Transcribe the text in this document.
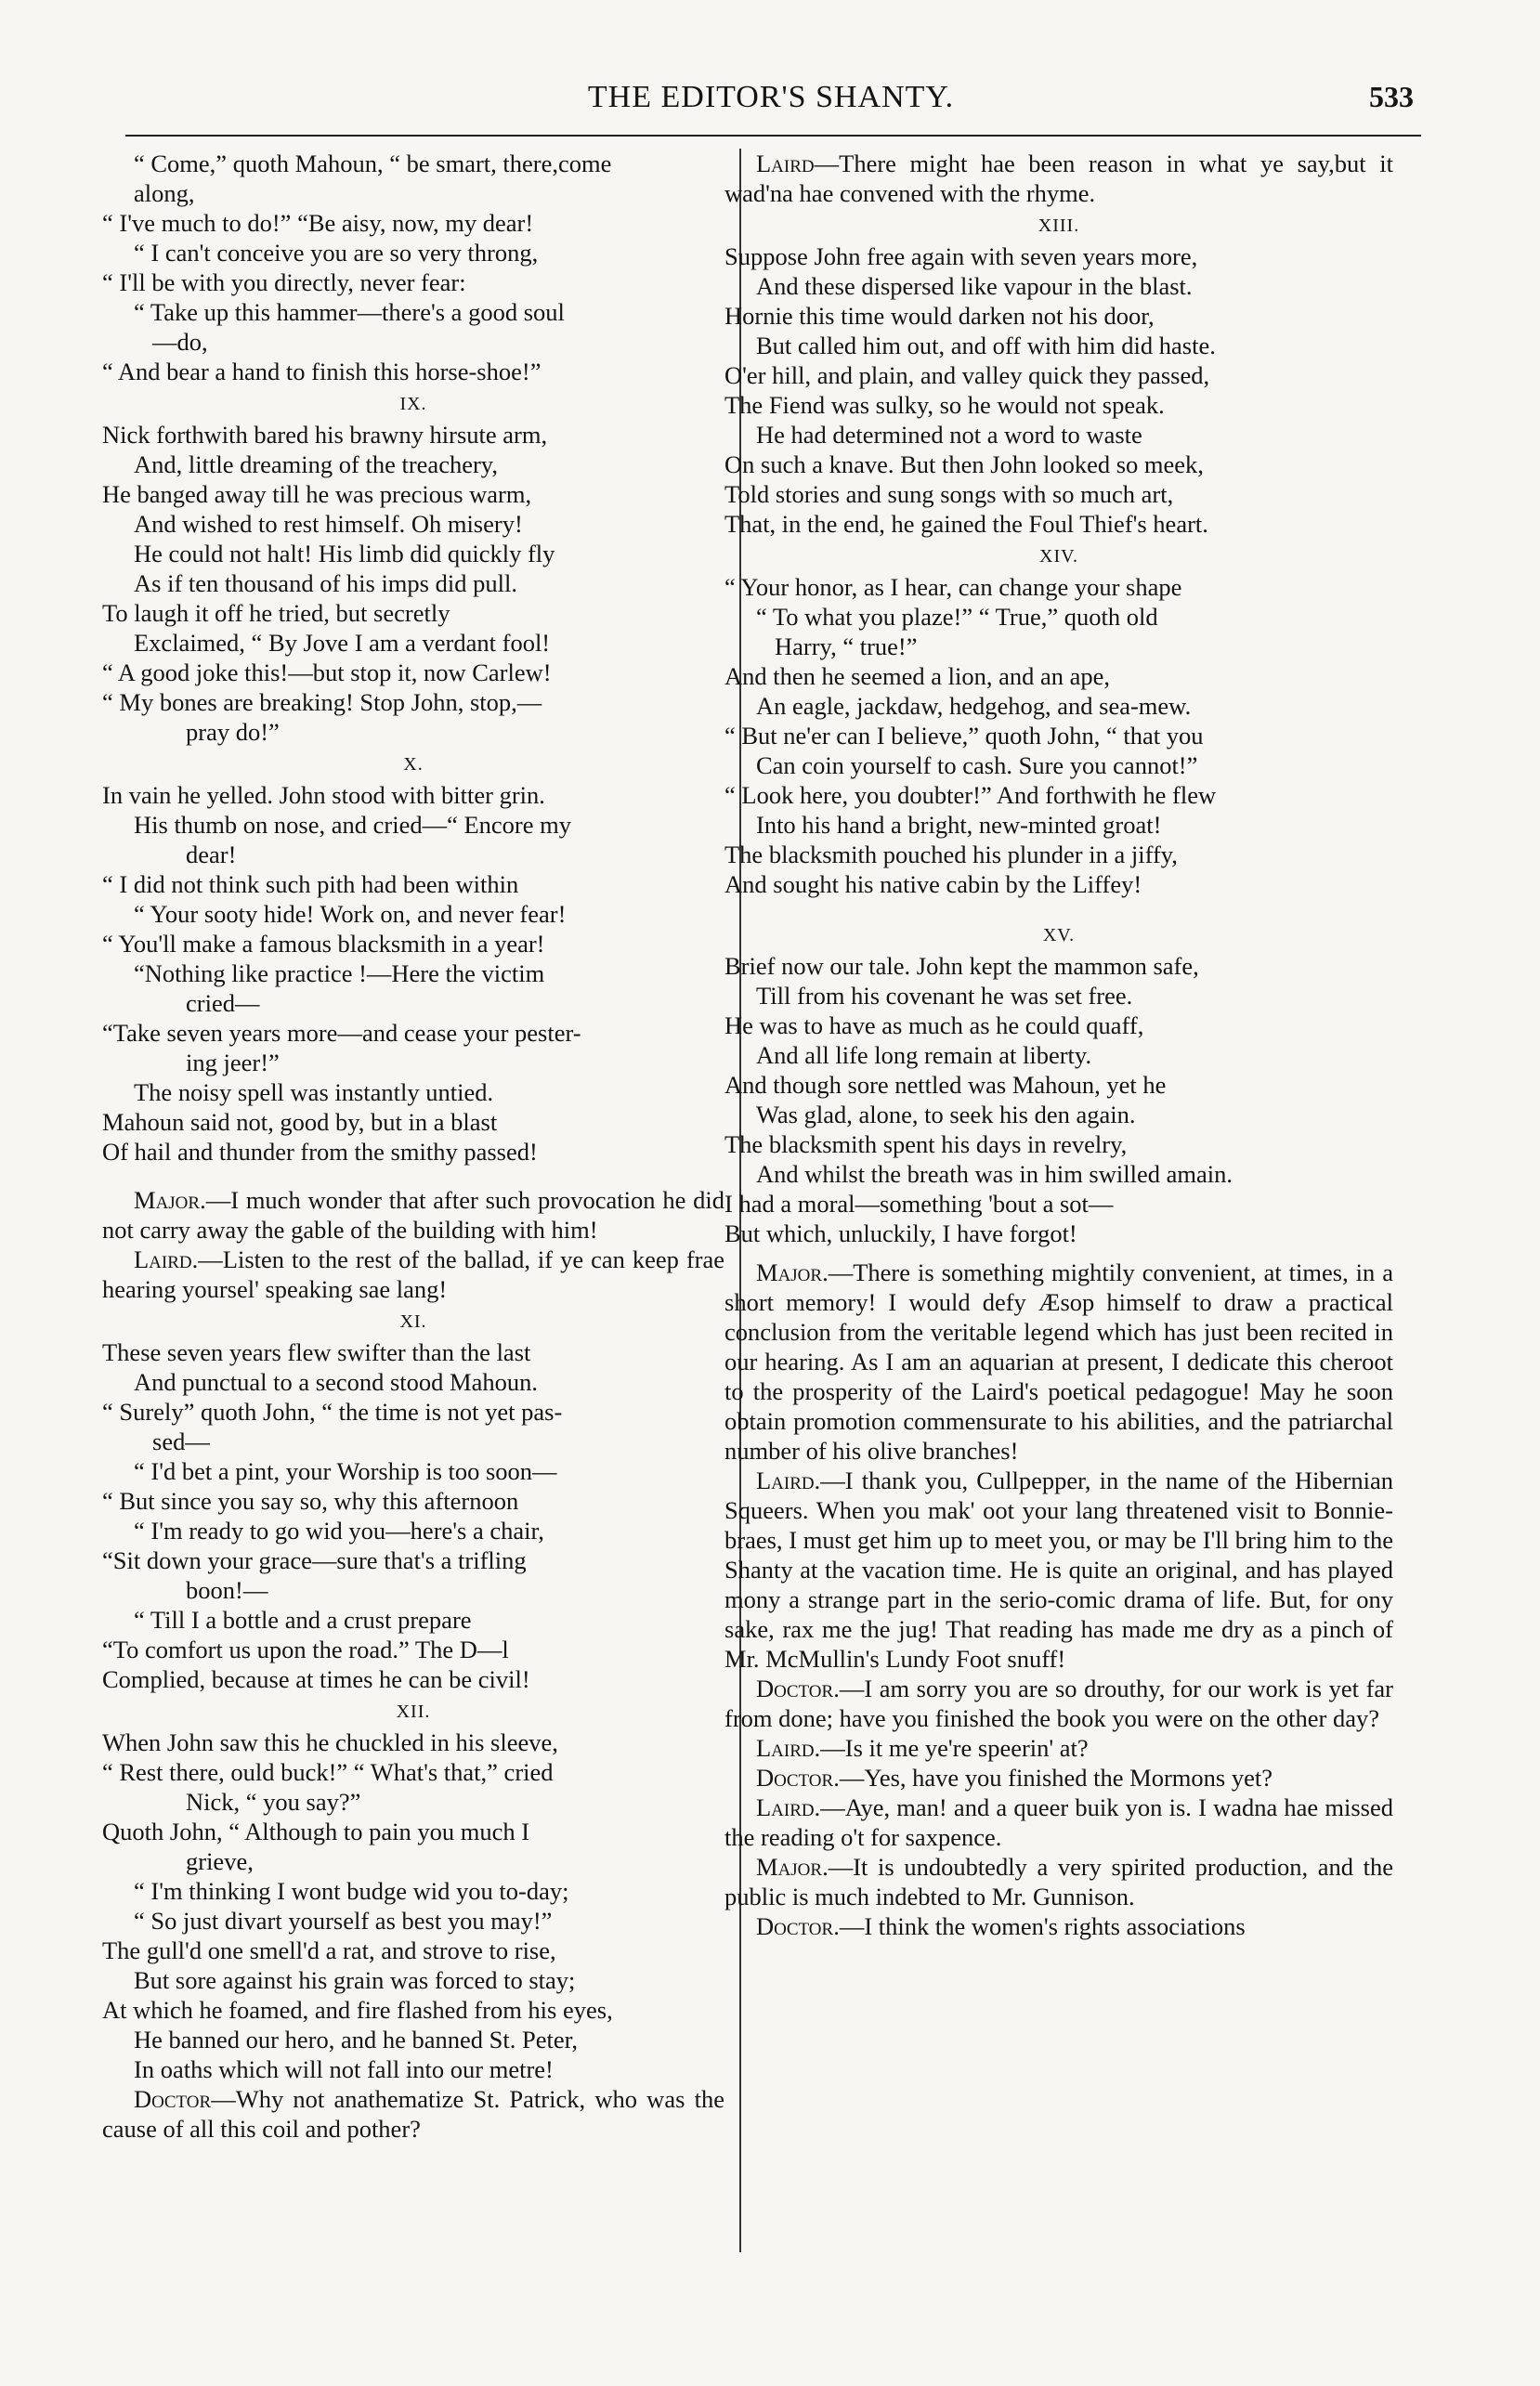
THE EDITOR'S SHANTY.	533
“ Come,” quoth Mahoun, “ be smart, there,come
along,
“ I've much to do!” “Be aisy, now, my dear!
“ I can't conceive you are so very throng,
“ I'll be with you directly, never fear:
“ Take up this hammer—there's a good soul
—do,
“ And bear a hand to finish this horse-shoe!”
IX.
Nick forthwith bared his brawny hirsute arm,
And, little dreaming of the treachery,
He banged away till he was precious warm,
And wished to rest himself. Oh misery!
He could not halt! His limb did quickly fly
As if ten thousand of his imps did pull.
To laugh it off he tried, but secretly
Exclaimed, “ By Jove I am a verdant fool!
“ A good joke this!—but stop it, now Carlew!
“ My bones are breaking! Stop John, stop,—
pray do!”
X.
In vain he yelled. John stood with bitter grin.
His thumb on nose, and cried—“ Encore my
dear!
“ I did not think such pith had been within
“ Your sooty hide! Work on, and never fear!
“ You'll make a famous blacksmith in a year!
“Nothing like practice !—Here the victim
cried—
“Take seven years more—and cease your pester-
ing jeer!”
The noisy spell was instantly untied.
Mahoun said not, good by, but in a blast
Of hail and thunder from the smithy passed!
Major.—I much wonder that after such provocation he did not carry away the gable of the building with him!
Laird.—Listen to the rest of the ballad, if ye can keep frae hearing yoursel' speaking sae lang!
XI.
These seven years flew swifter than the last
And punctual to a second stood Mahoun.
“ Surely” quoth John, “ the time is not yet pas-
sed—
“ I'd bet a pint, your Worship is too soon—
“ But since you say so, why this afternoon
“ I'm ready to go wid you—here's a chair,
“Sit down your grace—sure that's a trifling
boon!—
“ Till I a bottle and a crust prepare
“To comfort us upon the road.” The D—l
Complied, because at times he can be civil!
XII.
When John saw this he chuckled in his sleeve,
“ Rest there, ould buck!” “ What's that,” cried
Nick, “ you say?”
Quoth John, “ Although to pain you much I
grieve,
“ I'm thinking I wont budge wid you to-day;
“ So just divart yourself as best you may!”
The gull'd one smell'd a rat, and strove to rise,
But sore against his grain was forced to stay;
At which he foamed, and fire flashed from his eyes,
He banned our hero, and he banned St. Peter,
In oaths which will not fall into our metre!
Doctor—Why not anathematize St. Patrick, who was the cause of all this coil and pother?
Laird—There might hae been reason in what ye say,but it wad'na hae convened with the rhyme.
XIII.
Suppose John free again with seven years more,
And these dispersed like vapour in the blast.
Hornie this time would darken not his door,
But called him out, and off with him did haste.
O'er hill, and plain, and valley quick they passed,
The Fiend was sulky, so he would not speak.
He had determined not a word to waste
On such a knave. But then John looked so meek,
Told stories and sung songs with so much art,
That, in the end, he gained the Foul Thief's heart.
XIV.
“ Your honor, as I hear, can change your shape
“ To what you plaze!” “ True,” quoth old
Harry, “ true!”
And then he seemed a lion, and an ape,
An eagle, jackdaw, hedgehog, and sea-mew.
“ But ne'er can I believe,” quoth John, “ that you
Can coin yourself to cash. Sure you cannot!”
“ Look here, you doubter!” And forthwith he flew
Into his hand a bright, new-minted groat!
The blacksmith pouched his plunder in a jiffy,
And sought his native cabin by the Liffey!
XV.
Brief now our tale. John kept the mammon safe,
Till from his covenant he was set free.
He was to have as much as he could quaff,
And all life long remain at liberty.
And though sore nettled was Mahoun, yet he
Was glad, alone, to seek his den again.
The blacksmith spent his days in revelry,
And whilst the breath was in him swilled amain.
I had a moral—something 'bout a sot—
But which, unluckily, I have forgot!
Major.—There is something mightily convenient, at times, in a short memory! I would defy Æsop himself to draw a practical conclusion from the veritable legend which has just been recited in our hearing. As I am an aquarian at present, I dedicate this cheroot to the prosperity of the Laird's poetical pedagogue! May he soon obtain promotion commensurate to his abilities, and the patriarchal number of his olive branches!
Laird.—I thank you, Cullpepper, in the name of the Hibernian Squeers. When you mak' oot your lang threatened visit to Bonnie-braes, I must get him up to meet you, or may be I'll bring him to the Shanty at the vacation time. He is quite an original, and has played mony a strange part in the serio-comic drama of life. But, for ony sake, rax me the jug! That reading has made me dry as a pinch of Mr. McMullin's Lundy Foot snuff!
Doctor.—I am sorry you are so drouthy, for our work is yet far from done; have you finished the book you were on the other day?
Laird.—Is it me ye're speerin' at?
Doctor.—Yes, have you finished the Mormons yet?
Laird.—Aye, man! and a queer buik yon is. I wadna hae missed the reading o't for saxpence.
Major.—It is undoubtedly a very spirited production, and the public is much indebted to Mr. Gunnison.
Doctor.—I think the women's rights associations
